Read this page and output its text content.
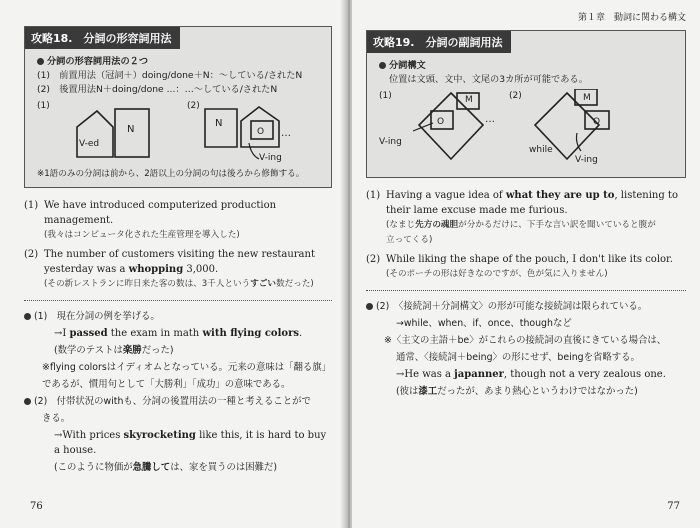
攻略18.　分詞の形容詞用法
分詞の形容詞用法の２つ
(1)　前置用法（冠詞＋）doing/done＋N：～している/されたN
(2)　後置用法N＋doing/done ...：…～している/されたN
(1)	(2)
V-ed
N
N
O …
V-ing
※1語のみの分詞は前から、2語以上の分詞の句は後ろから修飾する。
(1) We have introduced computerized production management.
(我々はコンピュータ化された生産管理を導入した)
(2) The number of customers visiting the new restaurant yesterday was a whopping 3,000.
(その新レストランに昨日来た客の数は、3千人というすごい数だった)
(1)　現在分詞の例を挙げる。
→I passed the exam in math with flying colors.
(数学のテストは楽勝だった)
※flying colorsはイディオムとなっている。元来の意味は「翻る旗」
であるが、慣用句として「大勝利」「成功」の意味である。
(2)　付帯状況のwithも、分詞の後置用法の一種と考えることがで
きる。
→With prices skyrocketing like this, it is hard to buy a house.
(このように物価が急騰しては、家を買うのは困難だ)
76
第１章　動詞に関わる構文
攻略19.　分詞の副詞用法
分詞構文
位置は文頭、文中、文尾の3カ所が可能である。
(1)	(2)
M
O	…
V-ing
M
O
while
V-ing
(1) Having a vague idea of what they are up to, listening to their lame excuse made me furious.
(なまじ先方の魂胆が分かるだけに、下手な言い訳を聞いていると腹が
立ってくる)
(2) While liking the shape of the pouch, I don't like its color.
(そのポーチの形は好きなのですが、色が気に入りません)
(2)　〈接続詞＋分詞構文〉の形が可能な接続詞は限られている。
→while、when、if、once、thoughなど
※〈主文の主語＋be〉がこれらの接続詞の直後にきている場合は、
通常、〈接続詞＋being〉の形にせず、beingを省略する。
→He was a japanner, though not a very zealous one.
(彼は漆工だったが、あまり熱心というわけではなかった)
77
